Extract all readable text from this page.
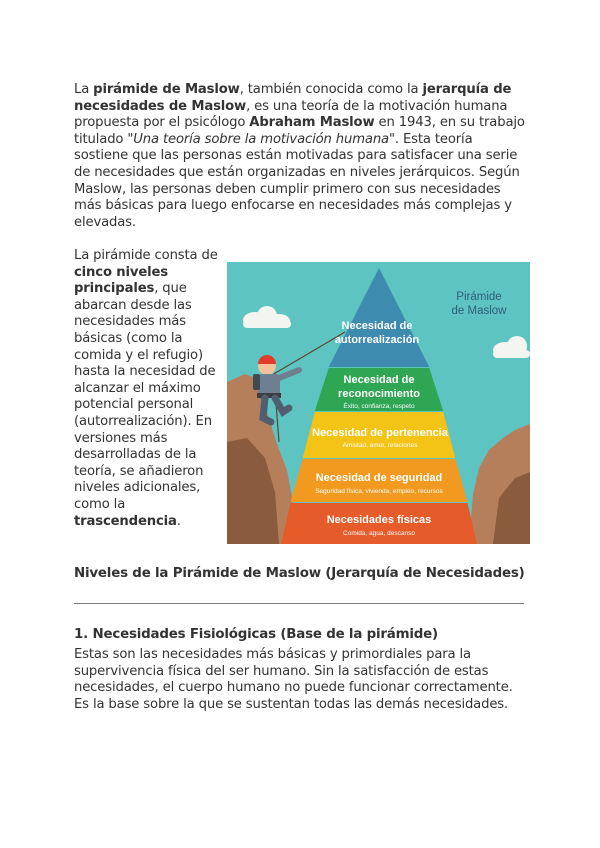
La pirámide de Maslow, también conocida como la jerarquía de necesidades de Maslow, es una teoría de la motivación humana propuesta por el psicólogo Abraham Maslow en 1943, en su trabajo titulado "Una teoría sobre la motivación humana". Esta teoría sostiene que las personas están motivadas para satisfacer una serie de necesidades que están organizadas en niveles jerárquicos. Según Maslow, las personas deben cumplir primero con sus necesidades más básicas para luego enfocarse en necesidades más complejas y elevadas.

La pirámide consta de cinco niveles principales, que abarcan desde las necesidades más básicas (como la comida y el refugio) hasta la necesidad de alcanzar el máximo potencial personal (autorrealización). En versiones más desarrolladas de la teoría, se añadieron niveles adicionales, como la trascendencia.

Necesidad de
autorrealización
Necesidad de
reconocimiento
Éxito, confianza, respeto
Necesidad de pertenencia
Amistad, amor, relaciones
Necesidad de seguridad
Seguridad física, vivienda, empleo, recursos
Necesidades físicas
Comida, agua, descanso
Pirámide
de Maslow

Niveles de la Pirámide de Maslow (Jerarquía de Necesidades)

1. Necesidades Fisiológicas (Base de la pirámide)

Estas son las necesidades más básicas y primordiales para la supervivencia física del ser humano. Sin la satisfacción de estas necesidades, el cuerpo humano no puede funcionar correctamente. Es la base sobre la que se sustentan todas las demás necesidades.
